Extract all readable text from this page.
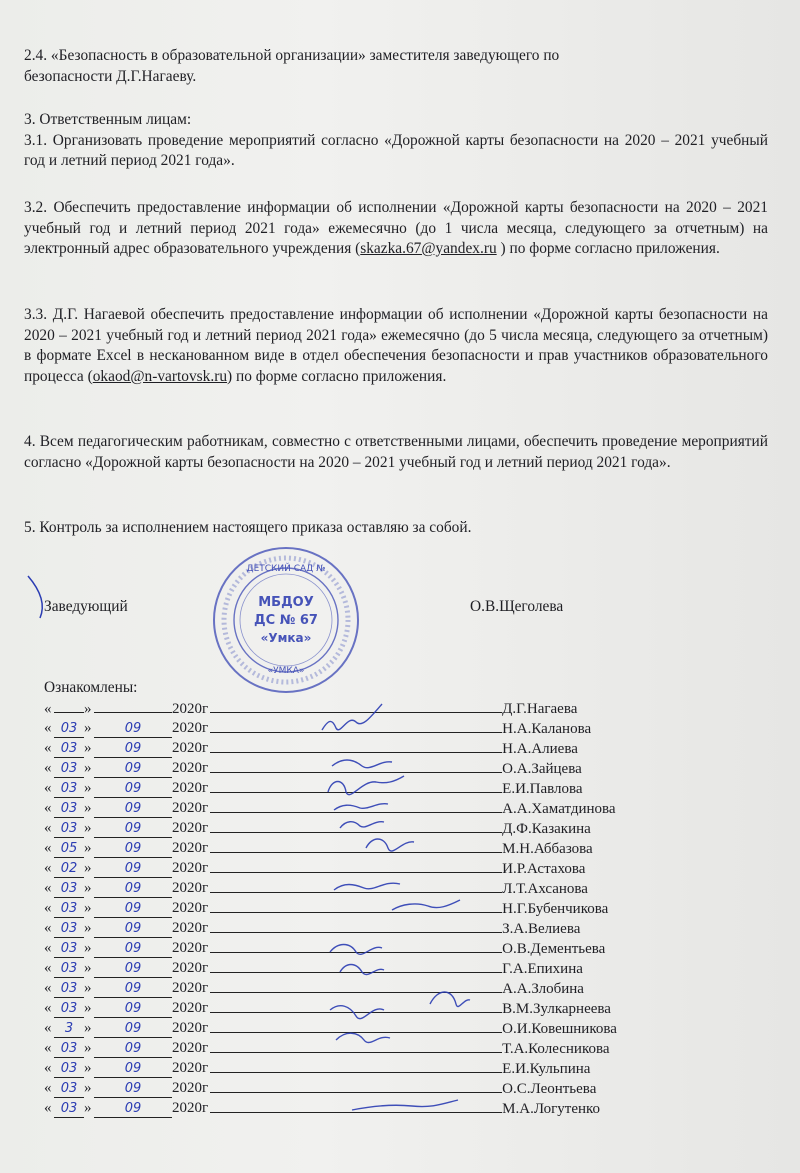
2.4. «Безопасность в образовательной организации» заместителя заведующего по

безопасности Д.Г.Нагаеву.

3. Ответственным лицам:

3.1. Организовать проведение мероприятий согласно «Дорожной карты безопасности на 2020 – 2021 учебный год и летний период 2021 года».

3.2. Обеспечить предоставление информации об исполнении «Дорожной карты безопасности на 2020 – 2021 учебный год и летний период 2021 года» ежемесячно (до 1 числа месяца, следующего за отчетным) на электронный адрес образовательного учреждения (skazka.67@yandex.ru ) по форме согласно приложения.

3.3. Д.Г. Нагаевой обеспечить предоставление информации об исполнении «Дорожной карты безопасности на 2020 – 2021 учебный год и летний период 2021 года» ежемесячно (до 5 числа месяца, следующего за отчетным) в формате Excel в несканованном виде в отдел обеспечения безопасности и прав участников образовательного процесса (okaod@n-vartovsk.ru) по форме согласно приложения.

4. Всем педагогическим работникам, совместно с ответственными лицами, обеспечить проведение мероприятий согласно «Дорожной карты безопасности на 2020 – 2021 учебный год и летний период 2021 года».

5. Контроль за исполнением настоящего приказа оставляю за собой.

Заведующий	О.В.Щеголева
ДЕТСКИЙ САД №
МБДОУ
ДС № 67
«Умка»
«УМКА»
Ознакомлены:
« » 2020г		Д.Г.Нагаева
« 03 » 09 2020г		Н.А.Каланова
« 03 » 09 2020г		Н.А.Алиева
« 03 » 09 2020г		О.А.Зайцева
« 03 » 09 2020г		Е.И.Павлова
« 03 » 09 2020г		А.А.Хаматдинова
« 03 » 09 2020г		Д.Ф.Казакина
« 05 » 09 2020г		М.Н.Аббазова
« 02 » 09 2020г		И.Р.Астахова
« 03 » 09 2020г		Л.Т.Ахсанова
« 03 » 09 2020г		Н.Г.Бубенчикова
« 03 » 09 2020г		З.А.Велиева
« 03 » 09 2020г		О.В.Дементьева
« 03 » 09 2020г		Г.А.Епихина
« 03 » 09 2020г		А.А.Злобина
« 03 » 09 2020г		В.М.Зулкарнеева
« 3 » 09 2020г		О.И.Ковешникова
« 03 » 09 2020г		Т.А.Колесникова
« 03 » 09 2020г		Е.И.Кульпина
« 03 » 09 2020г		О.С.Леонтьева
« 03 » 09 2020г		М.А.Логутенко
